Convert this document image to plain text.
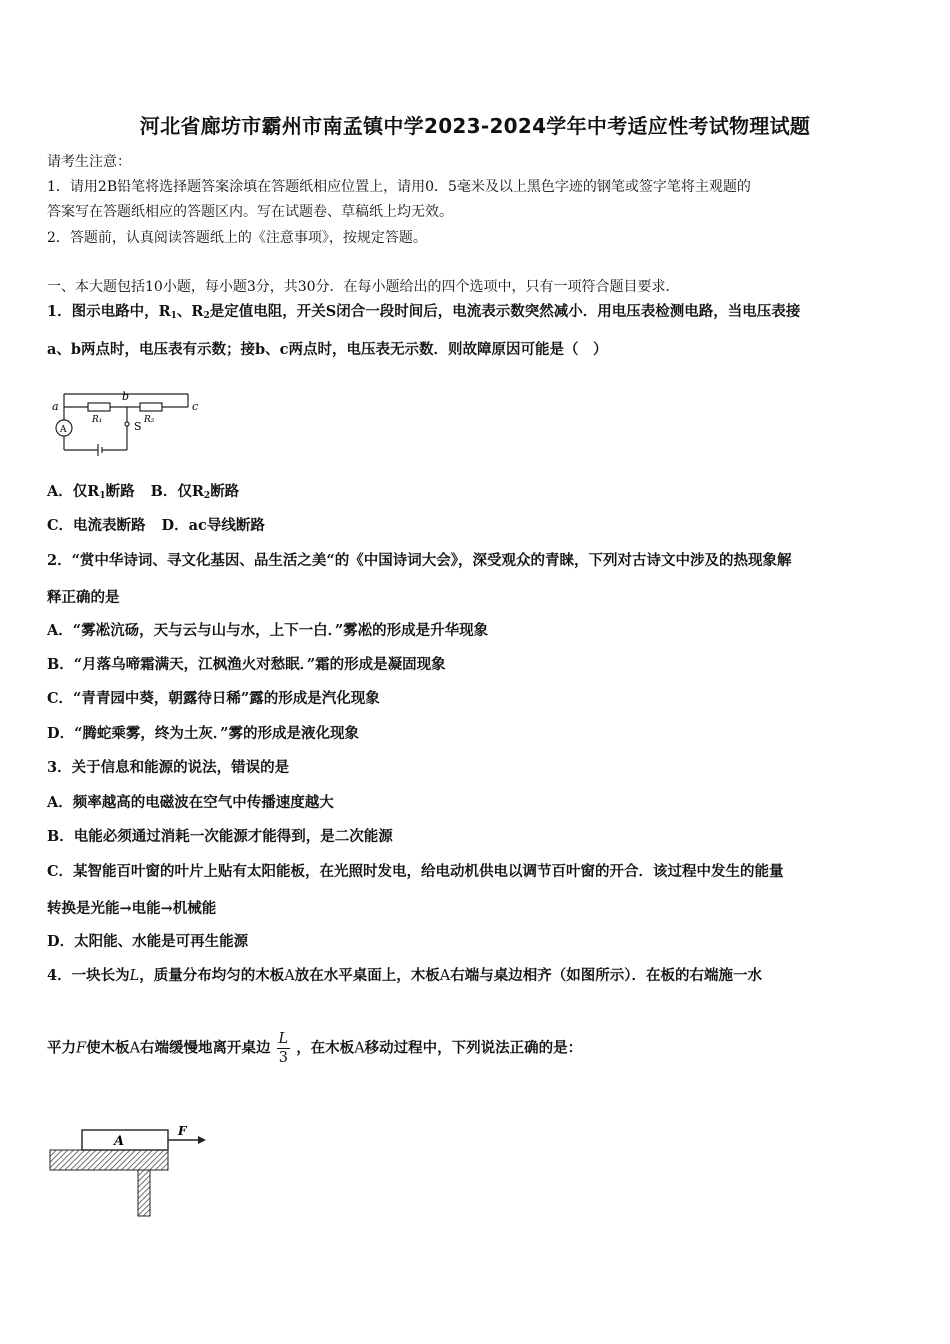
河北省廊坊市霸州市南孟镇中学2023-2024学年中考适应性考试物理试题
请考生注意：
1．请用2B铅笔将选择题答案涂填在答题纸相应位置上，请用0．5毫米及以上黑色字迹的钢笔或签字笔将主观题的
答案写在答题纸相应的答题区内。写在试题卷、草稿纸上均无效。
2．答题前，认真阅读答题纸上的《注意事项》，按规定答题。
一、本大题包括10小题，每小题3分，共30分．在每小题给出的四个选项中，只有一项符合题目要求．
1．图示电路中，$R_1$、$R_2$是定值电阻，开关S闭合一段时间后，电流表示数突然减小．用电压表检测电路，当电压表接
a、b两点时，电压表有示数；接b、c两点时，电压表无示数．则故障原因可能是（　）
a
b
c
R₁	R₂
A	S
A．仅$R_1$断路 B．仅$R_2$断路
C．电流表断路 D．ac导线断路
2．“赏中华诗词、寻文化基因、品生活之美“的《中国诗词大会》，深受观众的青睐，下列对古诗文中涉及的热现象解
释正确的是
A．“雾凇沆砀，天与云与山与水，上下一白．”雾凇的形成是升华现象
B．“月落乌啼霜满天，江枫渔火对愁眠．”霜的形成是凝固现象
C．“青青园中葵，朝露待日稀”露的形成是汽化现象
D．“腾蛇乘雾，终为土灰．”雾的形成是液化现象
3．关于信息和能源的说法，错误的是
A．频率越高的电磁波在空气中传播速度越大
B．电能必须通过消耗一次能源才能得到，是二次能源
C．某智能百叶窗的叶片上贴有太阳能板，在光照时发电，给电动机供电以调节百叶窗的开合．该过程中发生的能量
转换是光能→电能→机械能
D．太阳能、水能是可再生能源
4．一块长为L，质量分布均匀的木板A放在水平桌面上，木板A右端与桌边相齐（如图所示）．在板的右端施一水
平力F使木板A右端缓慢地离开桌边 $\frac{L}{3}$ ，在木板A移动过程中，下列说法正确的是：
A
F
